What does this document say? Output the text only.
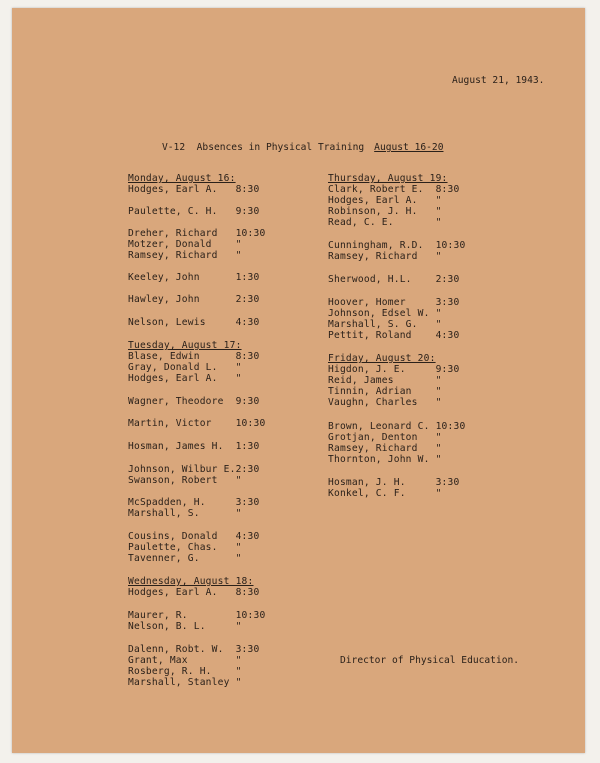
August 21, 1943.
V-12  Absences in Physical Training August 16-20
Monday, August 16:
Hodges, Earl A.   8:30
Paulette, C. H.   9:30
Dreher, Richard   10:30
Motzer, Donald    "
Ramsey, Richard   "
Keeley, John      1:30
Hawley, John      2:30
Nelson, Lewis     4:30
Tuesday, August 17:
Blase, Edwin      8:30
Gray, Donald L.   "
Hodges, Earl A.   "
Wagner, Theodore  9:30
Martin, Victor    10:30
Hosman, James H.  1:30
Johnson, Wilbur E.2:30
Swanson, Robert   "
McSpadden, H.     3:30
Marshall, S.      "
Cousins, Donald   4:30
Paulette, Chas.   "
Tavenner, G.      "
Wednesday, August 18:
Hodges, Earl A.   8:30
Maurer, R.        10:30
Nelson, B. L.     "
Dalenn, Robt. W.  3:30
Grant, Max        "
Rosberg, R. H.    "
Marshall, Stanley "
Thursday, August 19:
Clark, Robert E.  8:30
Hodges, Earl A.   "
Robinson, J. H.   "
Read, C. E.       "
Cunningham, R.D.  10:30
Ramsey, Richard   "
Sherwood, H.L.    2:30
Hoover, Homer     3:30
Johnson, Edsel W. "
Marshall, S. G.   "
Pettit, Roland    4:30
Friday, August 20:
Higdon, J. E.     9:30
Reid, James       "
Tinnin, Adrian    "
Vaughn, Charles   "
Brown, Leonard C. 10:30
Grotjan, Denton   "
Ramsey, Richard   "
Thornton, John W. "
Hosman, J. H.     3:30
Konkel, C. F.     "
Director of Physical Education.
